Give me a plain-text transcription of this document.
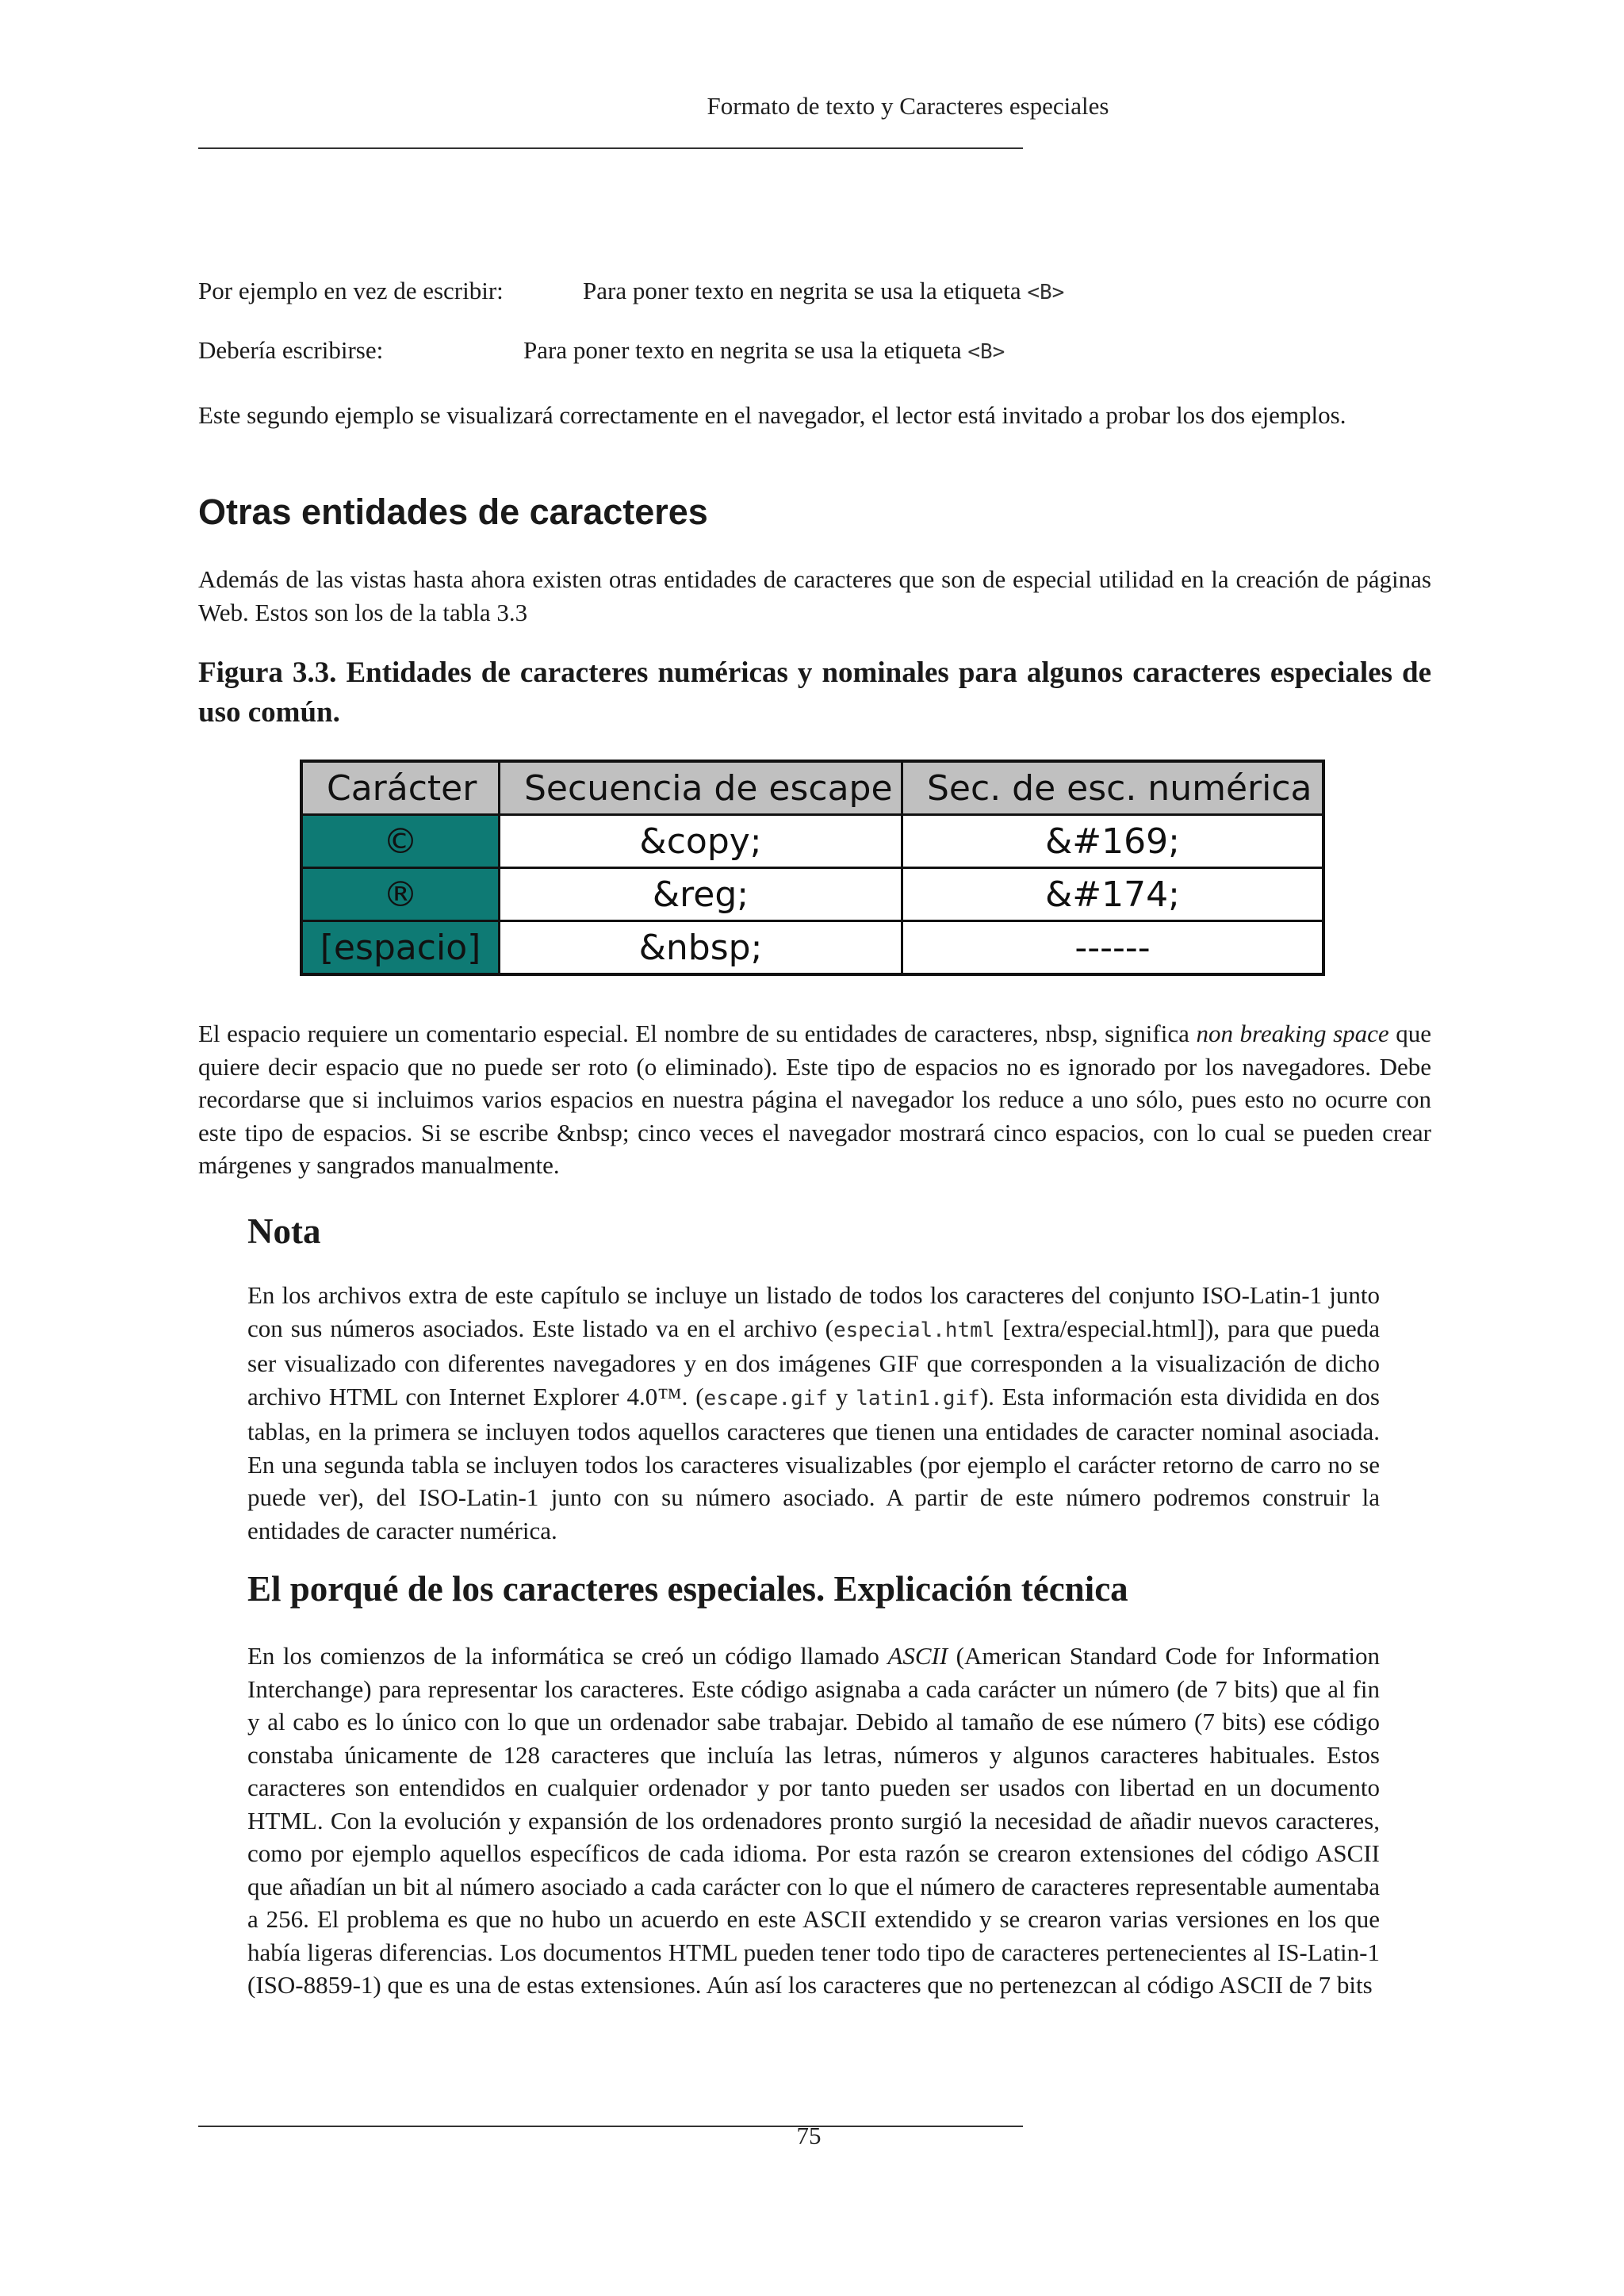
Formato de texto y Caracteres especiales
Por ejemplo en vez de escribir:	Para poner texto en negrita se usa la etiqueta <B>
Debería escribirse:	Para poner texto en negrita se usa la etiqueta <B>
Este segundo ejemplo se visualizará correctamente en el navegador, el lector está invitado a probar los dos ejemplos.
Otras entidades de caracteres
Además de las vistas hasta ahora existen otras entidades de caracteres que son de especial utilidad en la creación de páginas Web. Estos son los de la tabla 3.3

Figura 3.3. Entidades de caracteres numéricas y nominales para algunos caracteres especiales de uso común.

Carácter	Secuencia de escape	Sec. de esc. numérica
©	&copy;	&#169;
®	&reg;	&#174;
[espacio]	&nbsp;	------
El espacio requiere un comentario especial. El nombre de su entidades de caracteres, nbsp, significa non breaking space que quiere decir espacio que no puede ser roto (o eliminado). Este tipo de espacios no es ignorado por los navegadores. Debe recordarse que si incluimos varios espacios en nuestra página el navegador los reduce a uno sólo, pues esto no ocurre con este tipo de espacios. Si se escribe &nbsp; cinco veces el navegador mostrará cinco espacios, con lo cual se pueden crear márgenes y sangrados manualmente.
Nota
En los archivos extra de este capítulo se incluye un listado de todos los caracteres del conjunto ISO-Latin-1 junto con sus números asociados. Este listado va en el archivo (especial.html [extra/especial.html]), para que pueda ser visualizado con diferentes navegadores y en dos imágenes GIF que corresponden a la visualización de dicho archivo HTML con Internet Explorer 4.0™. (escape.gif y latin1.gif). Esta información esta dividida en dos tablas, en la primera se incluyen todos aquellos caracteres que tienen una entidades de caracter nominal asociada. En una segunda tabla se incluyen todos los caracteres visualizables (por ejemplo el carácter retorno de carro no se puede ver), del ISO-Latin-1 junto con su número asociado. A partir de este número podremos construir la entidades de caracter numérica.
El porqué de los caracteres especiales. Explicación técnica
En los comienzos de la informática se creó un código llamado ASCII (American Standard Code for Information Interchange) para representar los caracteres. Este código asignaba a cada carácter un número (de 7 bits) que al fin y al cabo es lo único con lo que un ordenador sabe trabajar. Debido al tamaño de ese número (7 bits) ese código constaba únicamente de 128 caracteres que incluía las letras, números y algunos caracteres habituales. Estos caracteres son entendidos en cualquier ordenador y por tanto pueden ser usados con libertad en un documento HTML. Con la evolución y expansión de los ordenadores pronto surgió la necesidad de añadir nuevos caracteres, como por ejemplo aquellos específicos de cada idioma. Por esta razón se crearon extensiones del código ASCII que añadían un bit al número asociado a cada carácter con lo que el número de caracteres representable aumentaba a 256. El problema es que no hubo un acuerdo en este ASCII extendido y se crearon varias versiones en los que había ligeras diferencias. Los documentos HTML pueden tener todo tipo de caracteres pertenecientes al IS-Latin-1 (ISO-8859-1) que es una de estas extensiones. Aún así los caracteres que no pertenezcan al código ASCII de 7 bits
75
